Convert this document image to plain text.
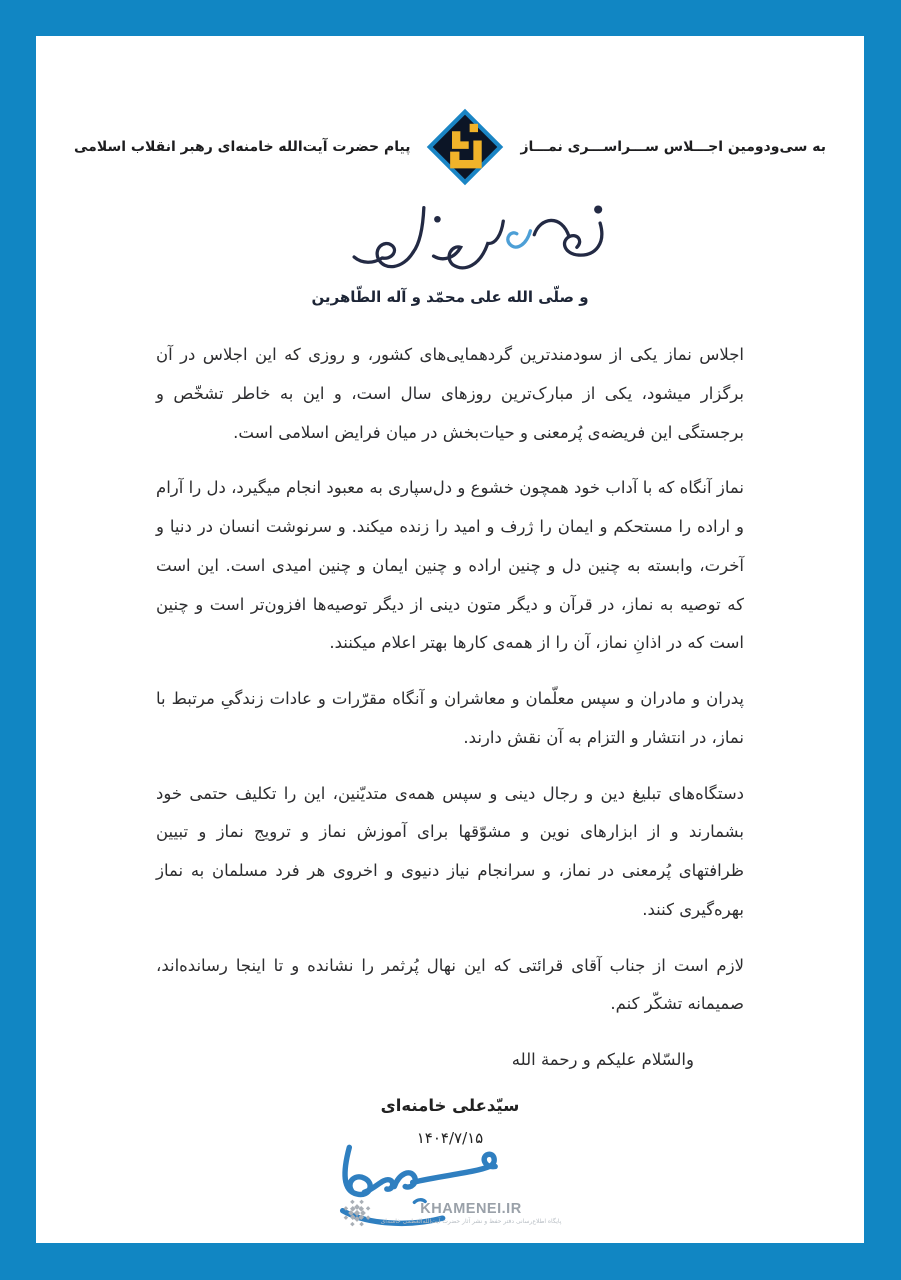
پیام حضرت آیت‌الله خامنه‌ای رهبر انقلاب اسلامی	به سی‌ودومین اجـــلاس ســـراســـری نمـــاز
و صلّی الله علی محمّد و آله الطّاهرین

اجلاس نماز یکی از سودمندترین گردهمایی‌های کشور، و روزی که این اجلاس در آن برگزار میشود، یکی از مبارک‌ترین روزهای سال است، و این به خاطر تشخّص و برجستگی این فریضه‌ی پُرمعنی و حیات‌بخش در میان فرایض اسلامی است.

نماز آنگاه که با آداب خود همچون خشوع و دل‌سپاری به معبود انجام میگیرد، دل را آرام و اراده را مستحکم و ایمان را ژرف و امید را زنده میکند. و سرنوشت انسان در دنیا و آخرت، وابسته به چنین دل و چنین اراده و چنین ایمان و چنین امیدی است. این است که توصیه به نماز، در قرآن و دیگر متون دینی از دیگر توصیه‌ها افزون‌تر است و چنین است که در اذانِ نماز، آن را از همه‌ی کارها بهتر اعلام میکنند.

پدران و مادران و سپس معلّمان و معاشران و آنگاه مقرّرات و عادات زندگیِ مرتبط با نماز، در انتشار و التزام به آن نقش دارند.

دستگاه‌های تبلیغ دین و رجال دینی و سپس همه‌ی متدیّنین، این را تکلیف حتمی خود بشمارند و از ابزارهای نوین و مشوّقها برای آموزش نماز و ترویج نماز و تبیین ظرافتهای پُرمعنی در نماز، و سرانجام نیاز دنیوی و اخروی هر فرد مسلمان به نماز بهره‌گیری کنند.

لازم است از جناب آقای قرائتی که این نهال پُرثمر را نشانده و تا اینجا رسانده‌اند، صمیمانه تشکّر کنم.

والسّلام علیکم و رحمة الله
سیّدعلی خامنه‌ای
۱۴۰۴/۷/۱۵
KHAMENEI.IR
پایگاه اطلاع‌رسانی دفتر حفظ و نشر آثار حضرت آیت‌الله‌العظمی خامنه‌ای
